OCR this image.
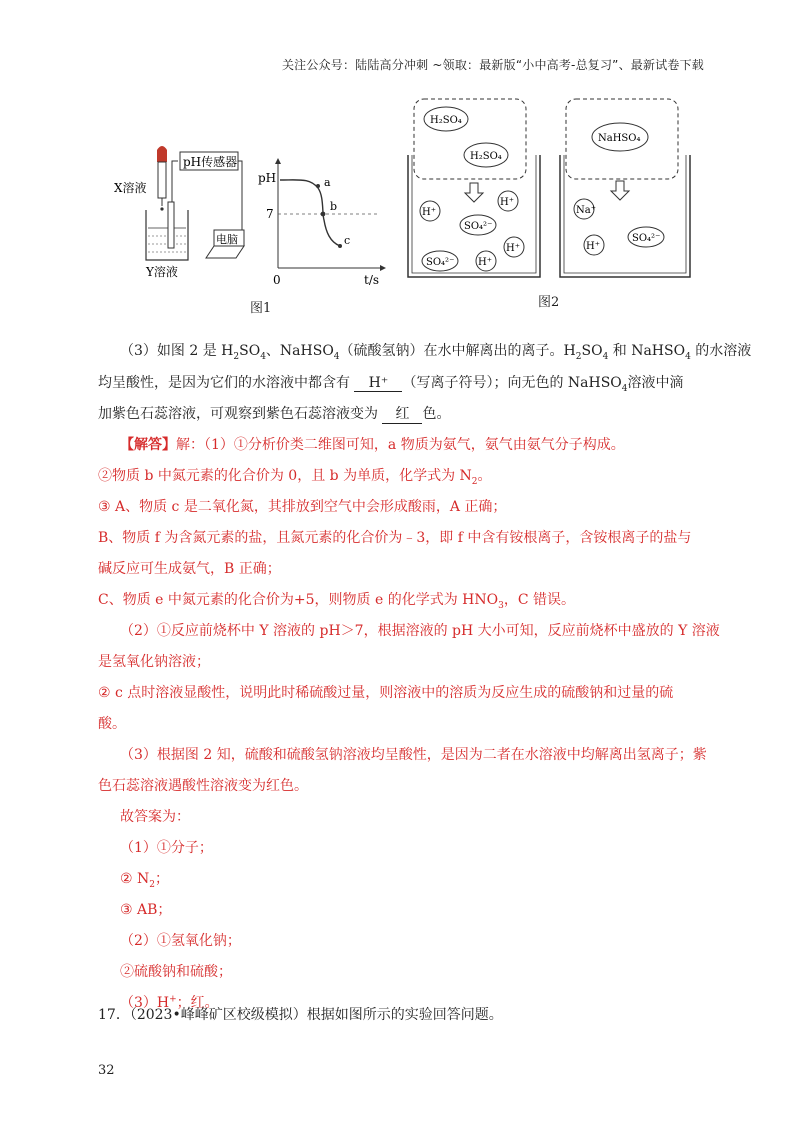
关注公众号：陆陆高分冲刺 ~领取：最新版“小中高考-总复习”、最新试卷下载
X溶液
pH传感器
Y溶液
电脑
pH
7
0	t/s
a
b
c
图1
H₂SO₄
H₂SO₄
H⁺
H⁺
SO₄²⁻
H⁺
SO₄²⁻ H⁺
NaHSO₄
Na⁺
H⁺
SO₄²⁻
图2
（3）如图 2 是 $H_2SO_4$、NaHSO$_4$（硫酸氢钠）在水中解离出的离子。$H_2SO_4$ 和 NaHSO$_4$ 的水溶液
均呈酸性，是因为它们的水溶液中都含有 H⁺ （写离子符号）；向无色的 NaHSO$_4$溶液中滴
加紫色石蕊溶液，可观察到紫色石蕊溶液变为 红 色。
【解答】解：（1）①分析价类二维图可知，a 物质为氨气，氨气由氨气分子构成。
②物质 b 中氮元素的化合价为 0，且 b 为单质，化学式为 $N_2$。
③ A、物质 c 是二氧化氮，其排放到空气中会形成酸雨，A 正确；
B、物质 f 为含氮元素的盐，且氮元素的化合价为﹣3，即 f 中含有铵根离子，含铵根离子的盐与
碱反应可生成氨气，B 正确；
C、物质 e 中氮元素的化合价为+5，则物质 e 的化学式为 $HNO_3$，C 错误。
（2）①反应前烧杯中 Y 溶液的 pH＞7，根据溶液的 pH 大小可知，反应前烧杯中盛放的 Y 溶液
是氢氧化钠溶液；
② c 点时溶液显酸性，说明此时稀硫酸过量，则溶液中的溶质为反应生成的硫酸钠和过量的硫
酸。
（3）根据图 2 知，硫酸和硫酸氢钠溶液均呈酸性，是因为二者在水溶液中均解离出氢离子；紫
色石蕊溶液遇酸性溶液变为红色。
故答案为：
（1）①分子；
② $N_2$；
③ AB；
（2）①氢氧化钠；
②硫酸钠和硫酸；
（3）H+；红。
17．（2023•峰峰矿区校级模拟）根据如图所示的实验回答问题。
32
